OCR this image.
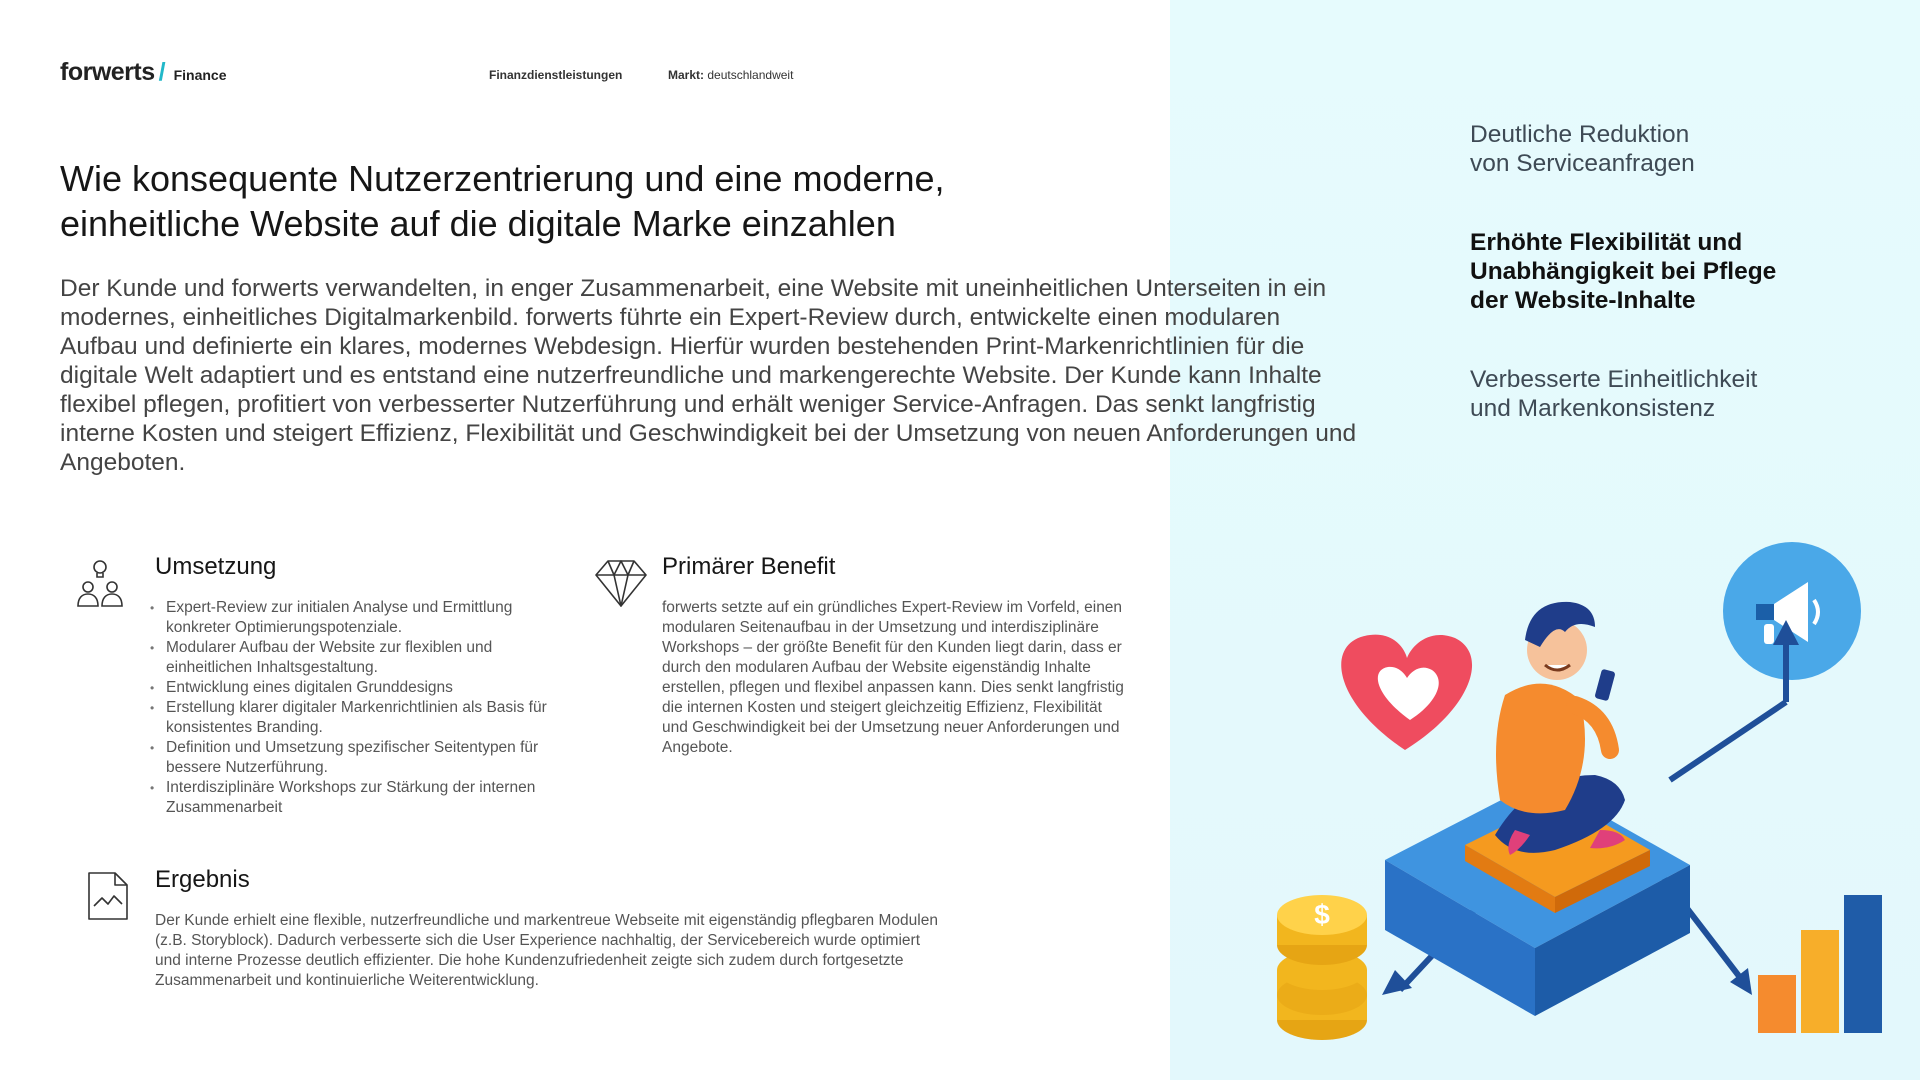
forwerts / Finance	Finanzdienstleistungen	Markt: deutschlandweit
Wie konsequente Nutzerzentrierung und eine moderne,
einheitliche Website auf die digitale Marke einzahlen

Der Kunde und forwerts verwandelten, in enger Zusammenarbeit, eine Website mit uneinheitlichen Unterseiten in ein modernes, einheitliches Digitalmarkenbild. forwerts führte ein Expert-Review durch, entwickelte einen modularen Aufbau und definierte ein klares, modernes Webdesign. Hierfür wurden bestehenden Print-Markenrichtlinien für die digitale Welt adaptiert und es entstand eine nutzerfreundliche und markengerechte Website. Der Kunde kann Inhalte flexibel pflegen, profitiert von verbesserter Nutzerführung und erhält weniger Service-Anfragen. Das senkt langfristig interne Kosten und steigert Effizienz, Flexibilität und Geschwindigkeit bei der Umsetzung von neuen Anforderungen und Angeboten.

Umsetzung
• Expert-Review zur initialen Analyse und Ermittlung konkreter Optimierungspotenziale.
• Modularer Aufbau der Website zur flexiblen und einheitlichen Inhaltsgestaltung.
• Entwicklung eines digitalen Grunddesigns
• Erstellung klarer digitaler Markenrichtlinien als Basis für konsistentes Branding.
• Definition und Umsetzung spezifischer Seitentypen für bessere Nutzerführung.
• Interdisziplinäre Workshops zur Stärkung der internen Zusammenarbeit
Primärer Benefit

forwerts setzte auf ein gründliches Expert-Review im Vorfeld, einen modularen Seitenaufbau in der Umsetzung und interdisziplinäre Workshops – der größte Benefit für den Kunden liegt darin, dass er durch den modularen Aufbau der Website eigenständig Inhalte erstellen, pflegen und flexibel anpassen kann. Dies senkt langfristig die internen Kosten und steigert gleichzeitig Effizienz, Flexibilität und Geschwindigkeit bei der Umsetzung neuer Anforderungen und Angebote.

Ergebnis

Der Kunde erhielt eine flexible, nutzerfreundliche und markentreue Webseite mit eigenständig pflegbaren Modulen (z.B. Storyblock). Dadurch verbesserte sich die User Experience nachhaltig, der Servicebereich wurde optimiert und interne Prozesse deutlich effizienter. Die hohe Kundenzufriedenheit zeigte sich zudem durch fortgesetzte Zusammenarbeit und kontinuierliche Weiterentwicklung.

Deutliche Reduktion
von Serviceanfragen

Erhöhte Flexibilität und
Unabhängigkeit bei Pflege
der Website-Inhalte

Verbesserte Einheitlichkeit
und Markenkonsistenz

$
